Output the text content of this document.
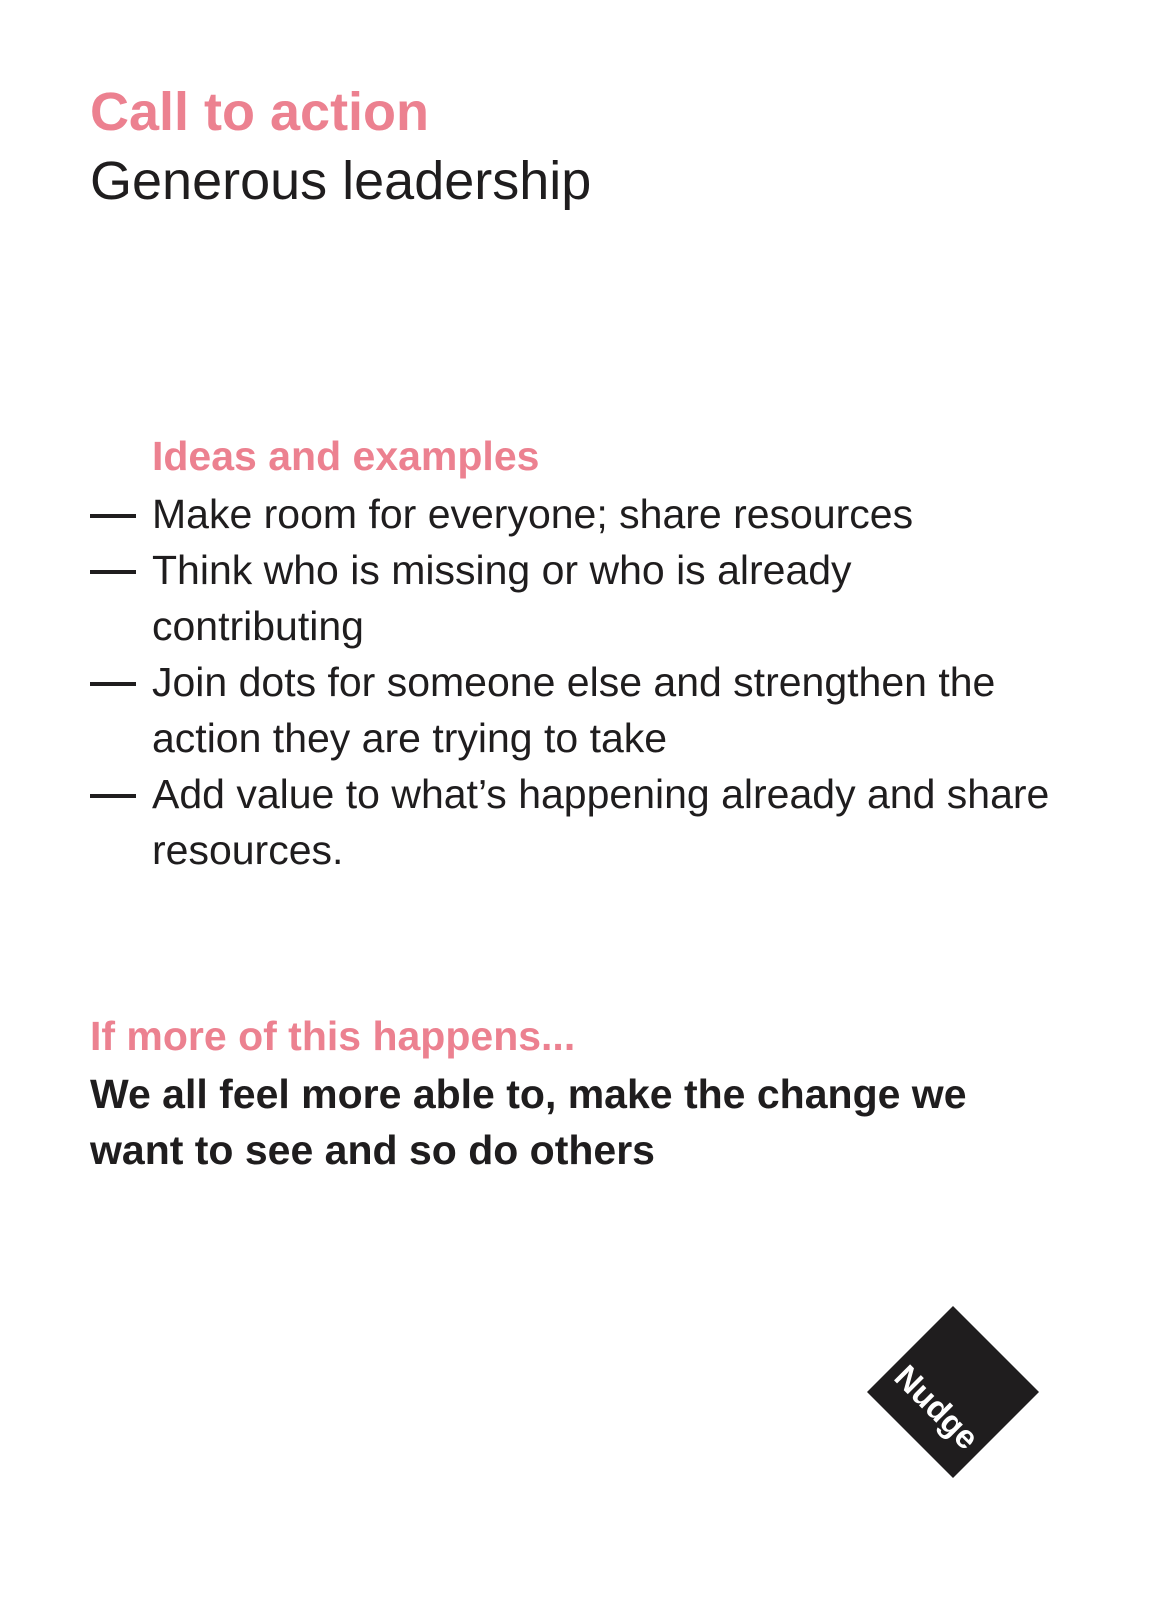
Call to action
Generous leadership
Ideas and examples
Make room for everyone; share resources
Think who is missing or who is already contributing
Join dots for someone else and strengthen the action they are trying to take
Add value to what’s happening already and share resources.
If more of this happens...

We all feel more able to, make the change we want to see and so do others

Nudge
